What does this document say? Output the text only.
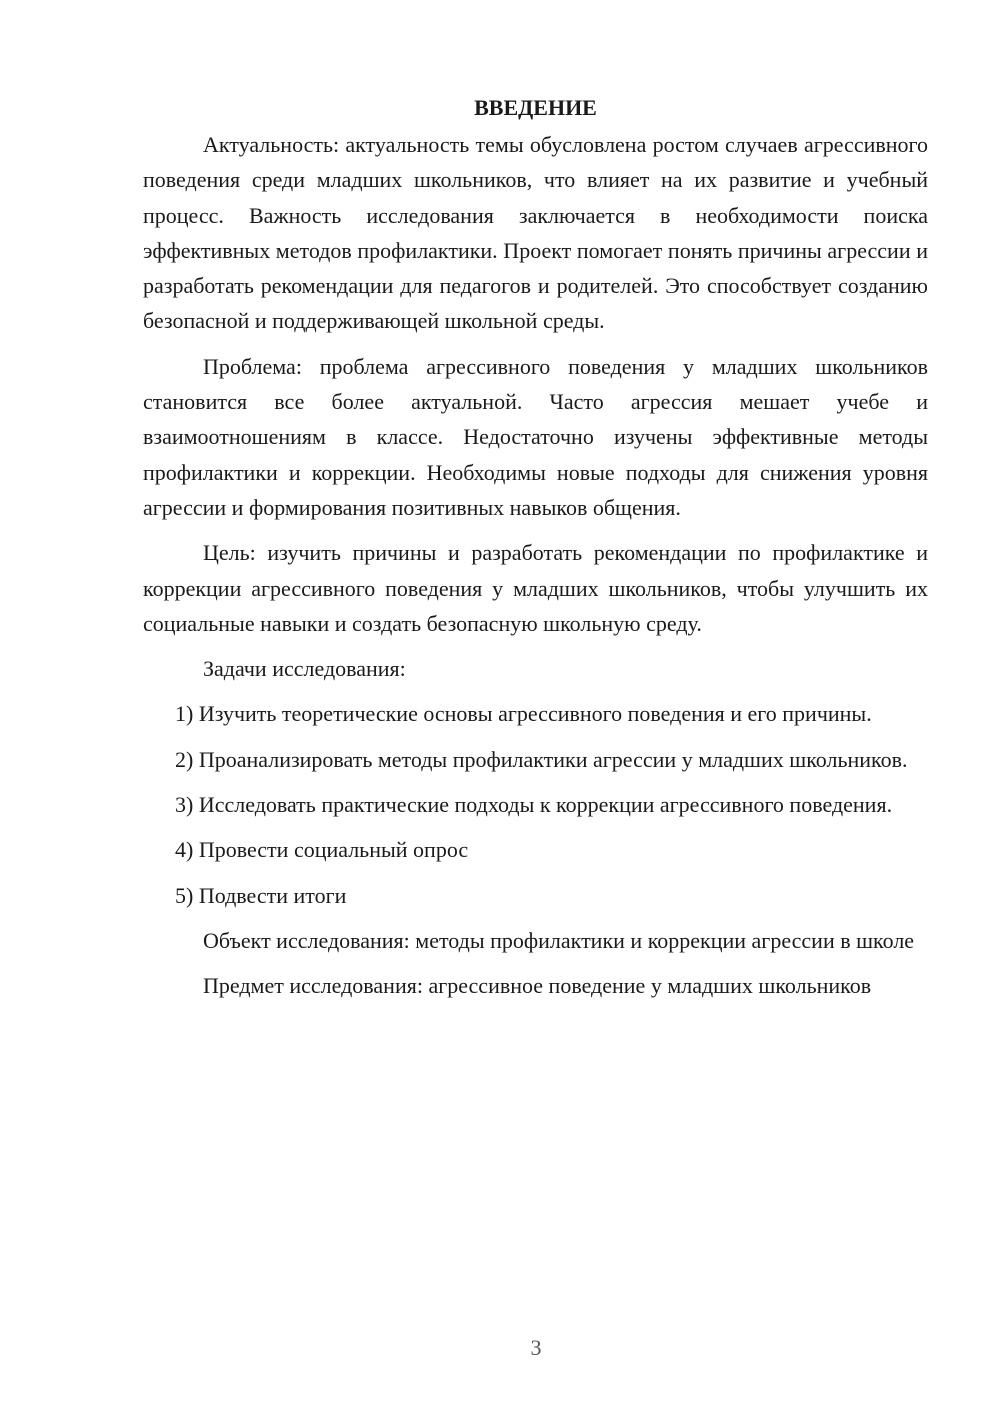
ВВЕДЕНИЕ

Актуальность: актуальность темы обусловлена ростом случаев агрессивного поведения среди младших школьников, что влияет на их развитие и учебный процесс. Важность исследования заключается в необходимости поиска эффективных методов профилактики. Проект помогает понять причины агрессии и разработать рекомендации для педагогов и родителей. Это способствует созданию безопасной и поддерживающей школьной среды.

Проблема: проблема агрессивного поведения у младших школьников становится все более актуальной. Часто агрессия мешает учебе и взаимоотношениям в классе. Недостаточно изучены эффективные методы профилактики и коррекции. Необходимы новые подходы для снижения уровня агрессии и формирования позитивных навыков общения.

Цель: изучить причины и разработать рекомендации по профилактике и коррекции агрессивного поведения у младших школьников, чтобы улучшить их социальные навыки и создать безопасную школьную среду.

Задачи исследования:

1) Изучить теоретические основы агрессивного поведения и его причины.

2) Проанализировать методы профилактики агрессии у младших школьников.

3) Исследовать практические подходы к коррекции агрессивного поведения.

4) Провести социальный опрос

5) Подвести итоги

Объект исследования: методы профилактики и коррекции агрессии в школе

Предмет исследования: агрессивное поведение у младших школьников

3
